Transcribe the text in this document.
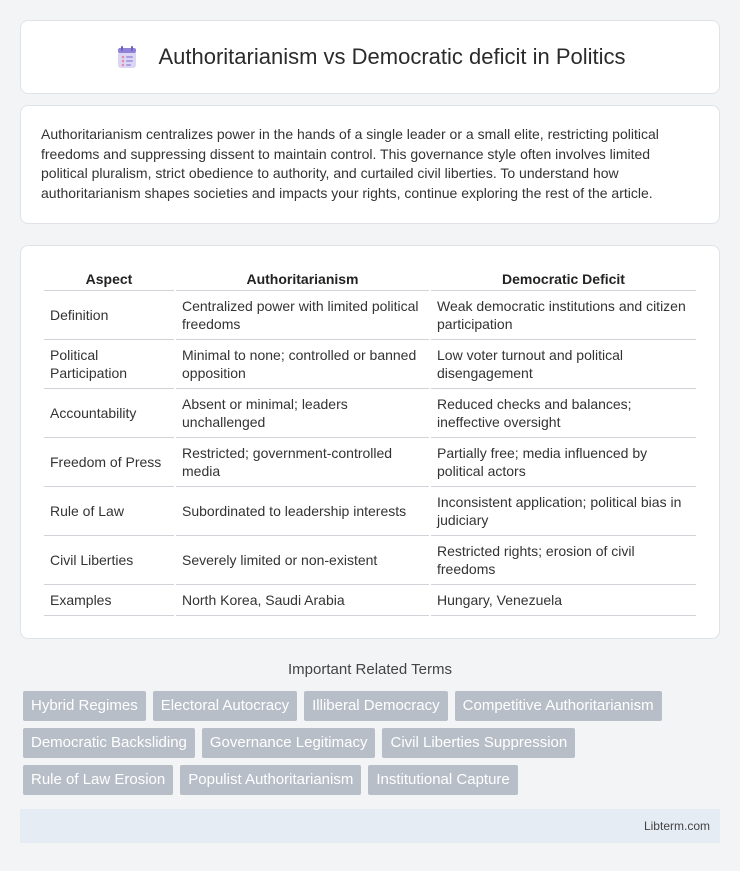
Authoritarianism vs Democratic deficit in Politics

Authoritarianism centralizes power in the hands of a single leader or a small elite, restricting political freedoms and suppressing dissent to maintain control. This governance style often involves limited political pluralism, strict obedience to authority, and curtailed civil liberties. To understand how authoritarianism shapes societies and impacts your rights, continue exploring the rest of the article.

Aspect	Authoritarianism	Democratic Deficit
Definition	Centralized power with limited political freedoms	Weak democratic institutions and citizen participation
Political Participation	Minimal to none; controlled or banned opposition	Low voter turnout and political disengagement
Accountability	Absent or minimal; leaders unchallenged	Reduced checks and balances; ineffective oversight
Freedom of Press	Restricted; government-controlled media	Partially free; media influenced by political actors
Rule of Law	Subordinated to leadership interests	Inconsistent application; political bias in judiciary
Civil Liberties	Severely limited or non-existent	Restricted rights; erosion of civil freedoms
Examples	North Korea, Saudi Arabia	Hungary, Venezuela
Important Related Terms
Hybrid Regimes	Electoral Autocracy	Illiberal Democracy	Competitive Authoritarianism
Democratic Backsliding	Governance Legitimacy	Civil Liberties Suppression
Rule of Law Erosion	Populist Authoritarianism	Institutional Capture
Libterm.com
